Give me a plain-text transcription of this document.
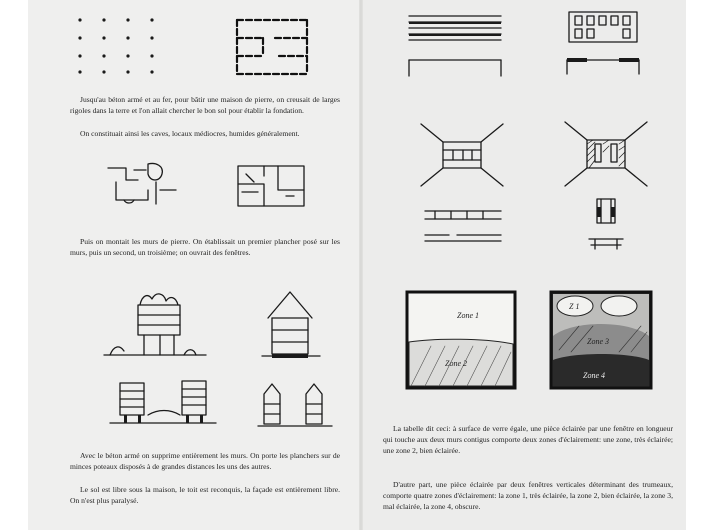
Jusqu'au béton armé et au fer, pour bâtir une maison de pierre, on creusait de larges rigoles dans la terre et l'on allait chercher le bon sol pour établir la fondation.

On constituait ainsi les caves, locaux médiocres, humides généralement.

Puis on montait les murs de pierre. On établissait un premier plancher posé sur les murs, puis un second, un troisième; on ouvrait des fenêtres.

Avec le béton armé on supprime entièrement les murs. On porte les planchers sur de minces poteaux disposés à de grandes distances les uns des autres.

Le sol est libre sous la maison, le toit est reconquis, la façade est entièrement libre. On n'est plus paralysé.

Zone 1
Zone 2
Z 1
Zone 3
Zone 4

La tabelle dit ceci: à surface de verre égale, une pièce éclairée par une fenêtre en longueur qui touche aux deux murs contigus comporte deux zones d'éclairement: une zone, très éclairée; une zone 2, bien éclairée.

D'autre part, une pièce éclairée par deux fenêtres verticales déterminant des trumeaux, comporte quatre zones d'éclairement: la zone 1, très éclairée, la zone 2, bien éclairée, la zone 3, mal éclairée, la zone 4, obscure.
